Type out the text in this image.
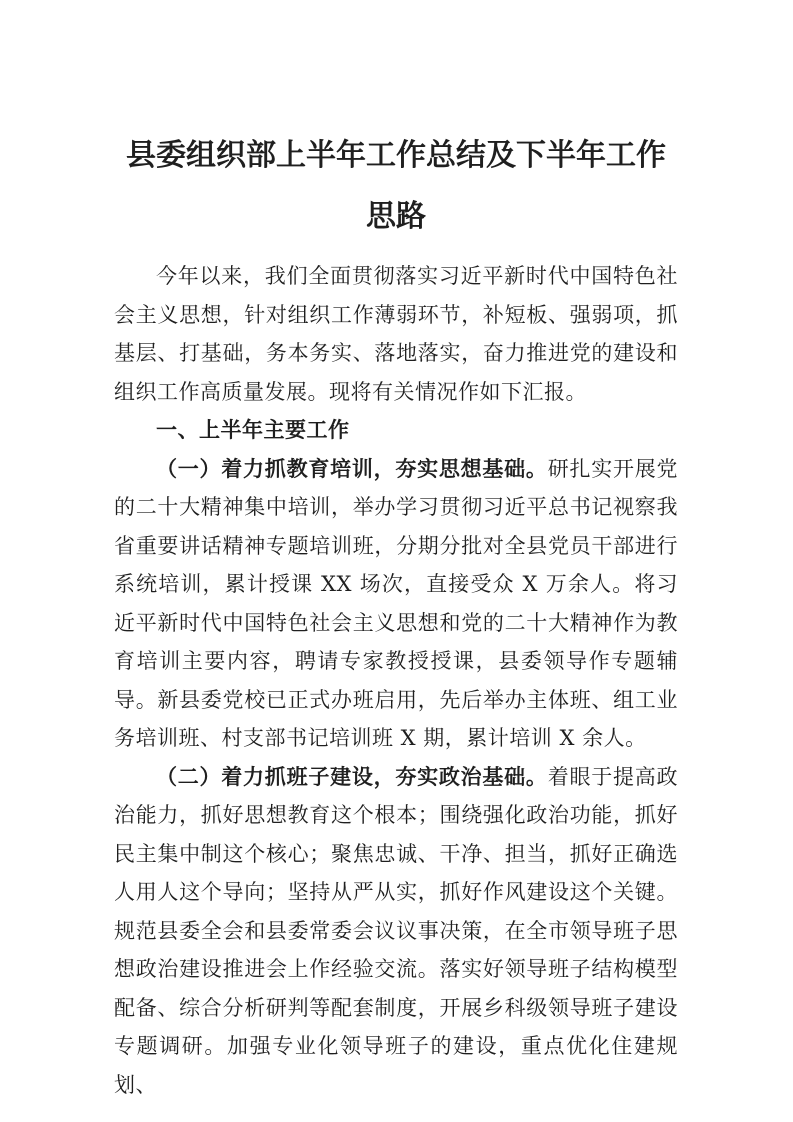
县委组织部上半年工作总结及下半年工作
思路

今年以来，我们全面贯彻落实习近平新时代中国特色社会主义思想，针对组织工作薄弱环节，补短板、强弱项，抓基层、打基础，务本务实、落地落实，奋力推进党的建设和组织工作高质量发展。现将有关情况作如下汇报。

一、上半年主要工作

（一）着力抓教育培训，夯实思想基础。研扎实开展党的二十大精神集中培训，举办学习贯彻习近平总书记视察我省重要讲话精神专题培训班，分期分批对全县党员干部进行系统培训，累计授课 XX 场次，直接受众 X 万余人。将习近平新时代中国特色社会主义思想和党的二十大精神作为教育培训主要内容，聘请专家教授授课，县委领导作专题辅导。新县委党校已正式办班启用，先后举办主体班、组工业务培训班、村支部书记培训班 X 期，累计培训 X 余人。

（二）着力抓班子建设，夯实政治基础。着眼于提高政治能力，抓好思想教育这个根本；围绕强化政治功能，抓好民主集中制这个核心；聚焦忠诚、干净、担当，抓好正确选人用人这个导向；坚持从严从实，抓好作风建设这个关键。规范县委全会和县委常委会议议事决策，在全市领导班子思想政治建设推进会上作经验交流。落实好领导班子结构模型配备、综合分析研判等配套制度，开展乡科级领导班子建设专题调研。加强专业化领导班子的建设，重点优化住建规划、
